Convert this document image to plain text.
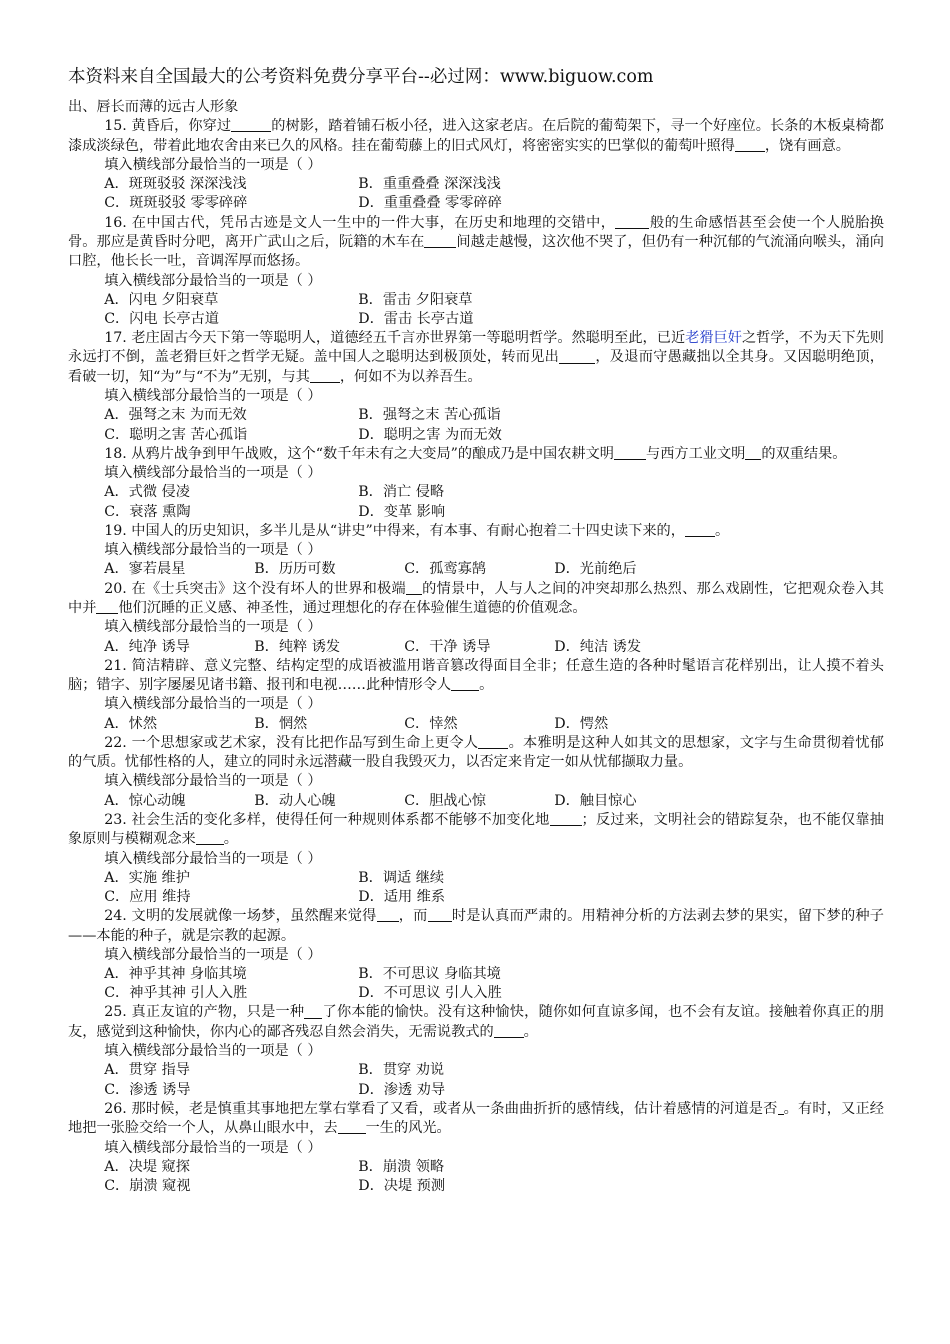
本资料来自全国最大的公考资料免费分享平台--必过网：www.biguow.com

出、唇长而薄的远古人形象

15. 黄昏后，你穿过	的树影，踏着铺石板小径，进入这家老店。在后院的葡萄架下，寻一个好座位。长条的木板桌椅都漆成淡绿色，带着此地农舍由来已久的风格。挂在葡萄藤上的旧式风灯，将密密实实的巴掌似的葡萄叶照得 ，饶有画意。

填入横线部分最恰当的一项是（ ）

A．斑斑驳驳 深深浅浅	B．重重叠叠 深深浅浅
C．斑斑驳驳 零零碎碎	D．重重叠叠 零零碎碎

16. 在中国古代，凭吊古迹是文人一生中的一件大事，在历史和地理的交错中， 般的生命感悟甚至会使一个人脱胎换骨。那应是黄昏时分吧，离开广武山之后，阮籍的木车在 间越走越慢，这次他不哭了，但仍有一种沉郁的气流涌向喉头，涌向口腔，他长长一吐，音调浑厚而悠扬。

填入横线部分最恰当的一项是（ ）

A．闪电 夕阳衰草	B．雷击 夕阳衰草
C．闪电 长亭古道	D．雷击 长亭古道

17. 老庄固古今天下第一等聪明人，道德经五千言亦世界第一等聪明哲学。然聪明至此，已近老猾巨奸之哲学，不为天下先则永远打不倒，盖老猾巨奸之哲学无疑。盖中国人之聪明达到极顶处，转而见出	，及退而守愚藏拙以全其身。又因聪明绝顶，看破一切，知“为”与“不为”无别，与其 ，何如不为以养吾生。

填入横线部分最恰当的一项是（ ）

A．强弩之末 为而无效	B．强弩之末 苦心孤诣
C．聪明之害 苦心孤诣	D．聪明之害 为而无效

18. 从鸦片战争到甲午战败，这个“数千年未有之大变局”的酿成乃是中国农耕文明 与西方工业文明 的双重结果。

填入横线部分最恰当的一项是（ ）

A．式微 侵凌	B．消亡 侵略
C．衰落 熏陶	D．变革 影响

19. 中国人的历史知识，多半儿是从“讲史”中得来，有本事、有耐心抱着二十四史读下来的， 。

填入横线部分最恰当的一项是（ ）

A．寥若晨星	B．历历可数	C．孤鸾寡鹄	D．光前绝后

20. 在《士兵突击》这个没有坏人的世界和极端 的情景中，人与人之间的冲突却那么热烈、那么戏剧性，它把观众卷入其中并 他们沉睡的正义感、神圣性，通过理想化的存在体验催生道德的价值观念。

填入横线部分最恰当的一项是（ ）

A．纯净 诱导	B．纯粹 诱发	C．干净 诱导	D．纯洁 诱发

21. 简洁精辟、意义完整、结构定型的成语被滥用谐音篡改得面目全非；任意生造的各种时髦语言花样别出，让人摸不着头脑；错字、别字屡屡见诸书籍、报刊和电视……此种情形令人 。

填入横线部分最恰当的一项是（ ）

A．怵然	B．惘然	C．悻然	D．愕然

22. 一个思想家或艺术家，没有比把作品写到生命上更令人 。本雅明是这种人如其文的思想家，文字与生命贯彻着忧郁的气质。忧郁性格的人，建立的同时永远潜藏一股自我毁灭力，以否定来肯定一如从忧郁撷取力量。

填入横线部分最恰当的一项是（ ）

A．惊心动魄	B．动人心魄	C．胆战心惊	D．触目惊心

23. 社会生活的变化多样，使得任何一种规则体系都不能够不加变化地 ；反过来，文明社会的错踪复杂，也不能仅靠抽象原则与模糊观念来 。

填入横线部分最恰当的一项是（ ）

A．实施 维护	B．调适 继续
C．应用 维持	D．适用 维系

24. 文明的发展就像一场梦，虽然醒来觉得 ，而 时是认真而严肃的。用精神分析的方法剥去梦的果实，留下梦的种子——本能的种子，就是宗教的起源。

填入横线部分最恰当的一项是（ ）

A．神乎其神 身临其境	B．不可思议 身临其境
C．神乎其神 引人入胜	D．不可思议 引人入胜

25. 真正友谊的产物，只是一种 了你本能的愉快。没有这种愉快，随你如何直谅多闻，也不会有友谊。接触着你真正的朋友，感觉到这种愉快，你内心的鄙吝残忍自然会消失，无需说教式的 。

填入横线部分最恰当的一项是（ ）

A．贯穿 指导	B．贯穿 劝说
C．渗透 诱导	D．渗透 劝导

26. 那时候，老是慎重其事地把左掌右掌看了又看，或者从一条曲曲折折的感情线，估计着感情的河道是否 。有时，又正经地把一张脸交给一个人，从鼻山眼水中，去 一生的风光。

填入横线部分最恰当的一项是（ ）

A．决堤 窥探	B．崩溃 领略
C．崩溃 窥视	D．决堤 预测
